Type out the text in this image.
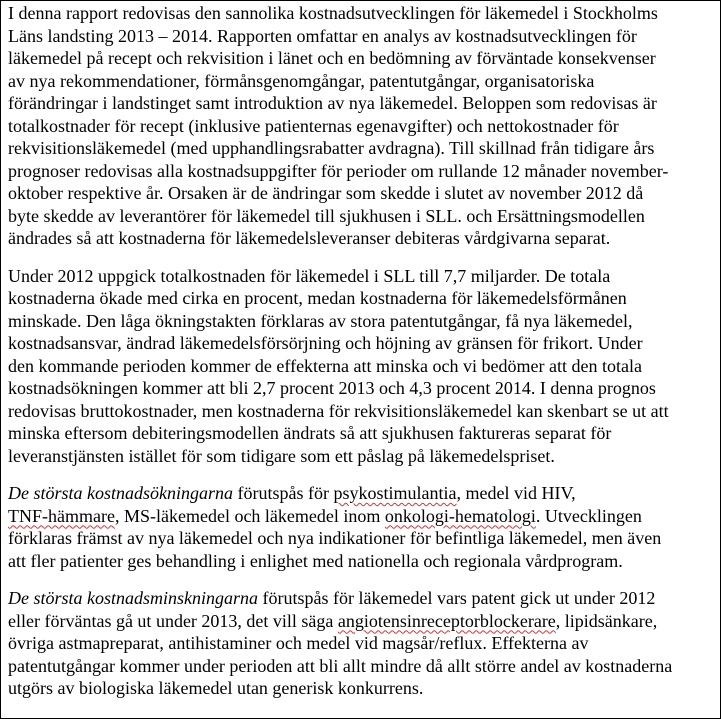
I denna rapport redovisas den sannolika kostnadsutvecklingen för läkemedel i Stockholms
Läns landsting 2013 – 2014. Rapporten omfattar en analys av kostnadsutvecklingen för
läkemedel på recept och rekvisition i länet och en bedömning av förväntade konsekvenser
av nya rekommendationer, förmånsgenomgångar, patentutgångar, organisatoriska
förändringar i landstinget samt introduktion av nya läkemedel. Beloppen som redovisas är
totalkostnader för recept (inklusive patienternas egenavgifter) och nettokostnader för
rekvisitionsläkemedel (med upphandlingsrabatter avdragna). Till skillnad från tidigare års
prognoser redovisas alla kostnadsuppgifter för perioder om rullande 12 månader november-
oktober respektive år. Orsaken är de ändringar som skedde i slutet av november 2012 då
byte skedde av leverantörer för läkemedel till sjukhusen i SLL. och Ersättningsmodellen
ändrades så att kostnaderna för läkemedelsleveranser debiteras vårdgivarna separat.

Under 2012 uppgick totalkostnaden för läkemedel i SLL till 7,7 miljarder. De totala
kostnaderna ökade med cirka en procent, medan kostnaderna för läkemedelsförmånen
minskade. Den låga ökningstakten förklaras av stora patentutgångar, få nya läkemedel,
kostnadsansvar, ändrad läkemedelsförsörjning och höjning av gränsen för frikort. Under
den kommande perioden kommer de effekterna att minska och vi bedömer att den totala
kostnadsökningen kommer att bli 2,7 procent 2013 och 4,3 procent 2014. I denna prognos
redovisas bruttokostnader, men kostnaderna för rekvisitionsläkemedel kan skenbart se ut att
minska eftersom debiteringsmodellen ändrats så att sjukhusen faktureras separat för
leveranstjänsten istället för som tidigare som ett påslag på läkemedelspriset.

De största kostnadsökningarna förutspås för psykostimulantia, medel vid HIV,
TNF-hämmare, MS-läkemedel och läkemedel inom onkologi-hematologi. Utvecklingen
förklaras främst av nya läkemedel och nya indikationer för befintliga läkemedel, men även
att fler patienter ges behandling i enlighet med nationella och regionala vårdprogram.

De största kostnadsminskningarna förutspås för läkemedel vars patent gick ut under 2012
eller förväntas gå ut under 2013, det vill säga angiotensinreceptorblockerare, lipidsänkare,
övriga astmapreparat, antihistaminer och medel vid magsår/reflux. Effekterna av
patentutgångar kommer under perioden att bli allt mindre då allt större andel av kostnaderna
utgörs av biologiska läkemedel utan generisk konkurrens.
